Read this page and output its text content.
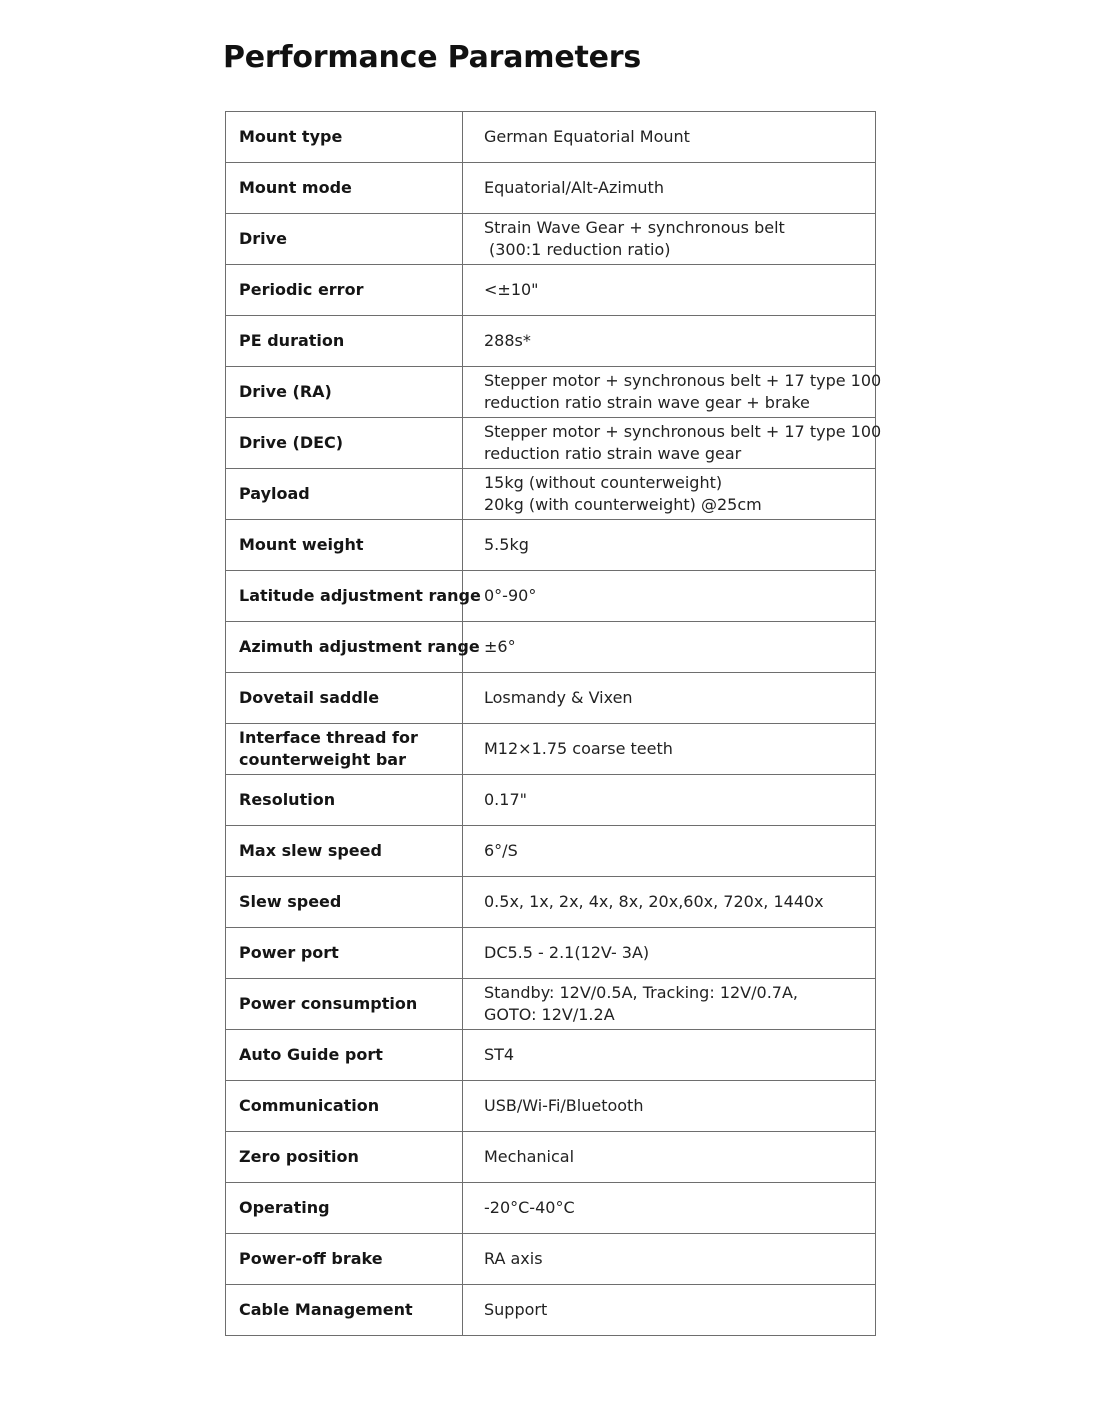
Performance Parameters
Mount type	German Equatorial Mount

Mount mode	Equatorial/Alt-Azimuth

Drive	Strain Wave Gear + synchronous belt
(300:1 reduction ratio)

Periodic error	<±10"

PE duration	288s*

Drive (RA)	Stepper motor + synchronous belt + 17 type 100
reduction ratio strain wave gear + brake

Drive (DEC)	Stepper motor + synchronous belt + 17 type 100
reduction ratio strain wave gear

Payload	15kg (without counterweight)
20kg (with counterweight) @25cm

Mount weight	5.5kg

Latitude adjustment range	0°-90°

Azimuth adjustment range	±6°

Dovetail saddle	Losmandy & Vixen

Interface thread for
counterweight bar	M12×1.75 coarse teeth

Resolution	0.17"

Max slew speed	6°/S

Slew speed	0.5x, 1x, 2x, 4x, 8x, 20x,60x, 720x, 1440x

Power port	DC5.5 - 2.1(12V- 3A)

Power consumption	Standby: 12V/0.5A, Tracking: 12V/0.7A,
GOTO: 12V/1.2A

Auto Guide port	ST4

Communication	USB/Wi-Fi/Bluetooth

Zero position	Mechanical

Operating	-20°C-40°C

Power-off brake	RA axis

Cable Management	Support
